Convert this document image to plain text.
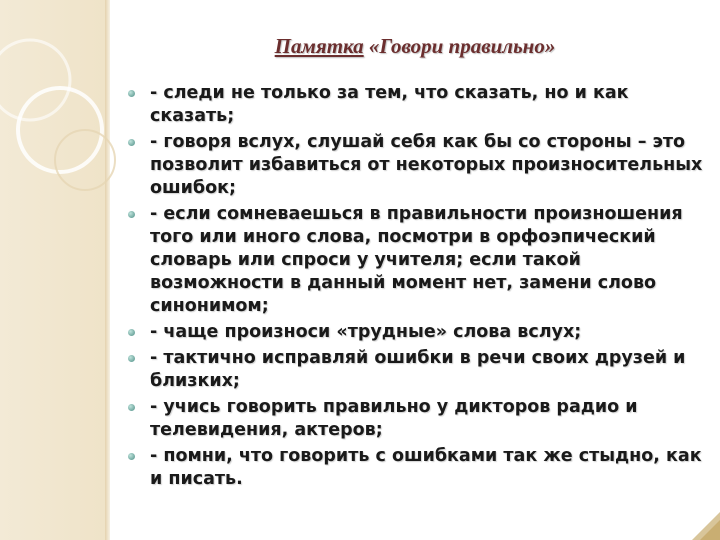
Памятка «Говори правильно»
- следи не только за тем, что сказать, но и как сказать;
- говоря вслух, слушай себя как бы со стороны – это позволит избавиться от некоторых произносительных ошибок;
- если сомневаешься в правильности произношения того или иного слова, посмотри в орфоэпический словарь или спроси у учителя; если такой возможности в данный момент нет, замени слово синонимом;
- чаще произноси «трудные» слова вслух;
- тактично исправляй ошибки в речи своих друзей и близких;
- учись говорить правильно у дикторов радио и телевидения, актеров;
- помни, что говорить с ошибками так же стыдно, как и писать.
